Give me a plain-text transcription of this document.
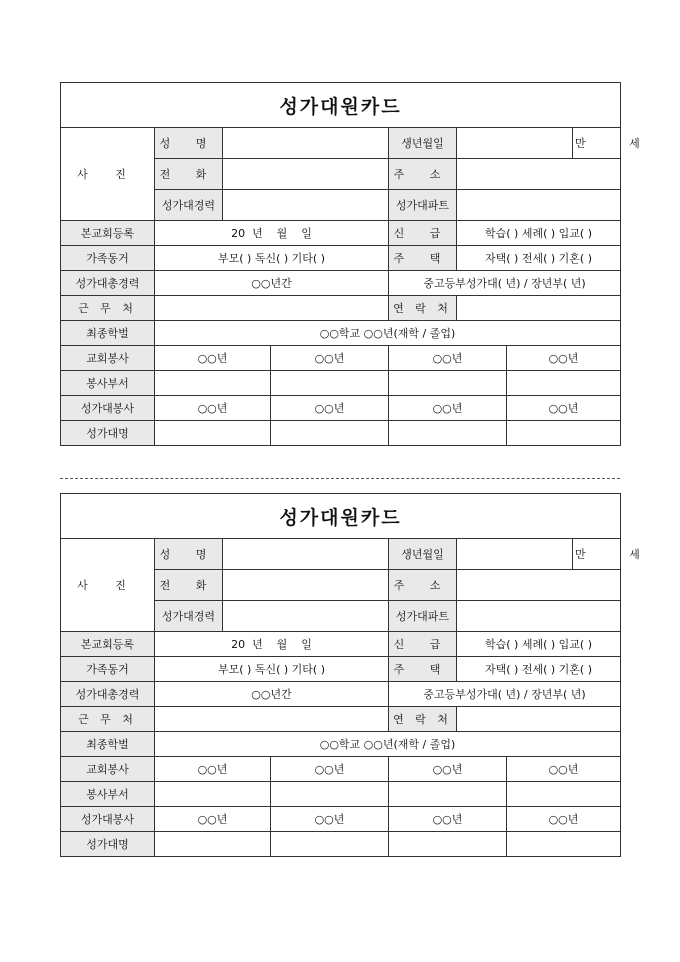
성가대원카드							
사 진	성 명			생년월일			만 세
	전 화			주 소			
	성가대경력			성가대파트			
본교회등록	20  년    월    일			신 급	학습( ) 세례( ) 입교( )		
가족동거	부모( ) 독신( ) 기타( )			주 택	자택( ) 전세( ) 기혼( )		
성가대총경력	○○년간			중고등부성가대( 년) / 장년부( 년)			
근 무 처				연 락 처			
최종학벌	○○학교 ○○년(재학 / 졸업)						
교회봉사	○○년		○○년	○○년		○○년	
봉사부서							
성가대봉사	○○년		○○년	○○년		○○년	
성가대명							
성가대원카드							
사 진	성 명			생년월일			만 세
	전 화			주 소			
	성가대경력			성가대파트			
본교회등록	20  년    월    일			신 급	학습( ) 세례( ) 입교( )		
가족동거	부모( ) 독신( ) 기타( )			주 택	자택( ) 전세( ) 기혼( )		
성가대총경력	○○년간			중고등부성가대( 년) / 장년부( 년)			
근 무 처				연 락 처			
최종학벌	○○학교 ○○년(재학 / 졸업)						
교회봉사	○○년		○○년	○○년		○○년	
봉사부서							
성가대봉사	○○년		○○년	○○년		○○년	
성가대명							
